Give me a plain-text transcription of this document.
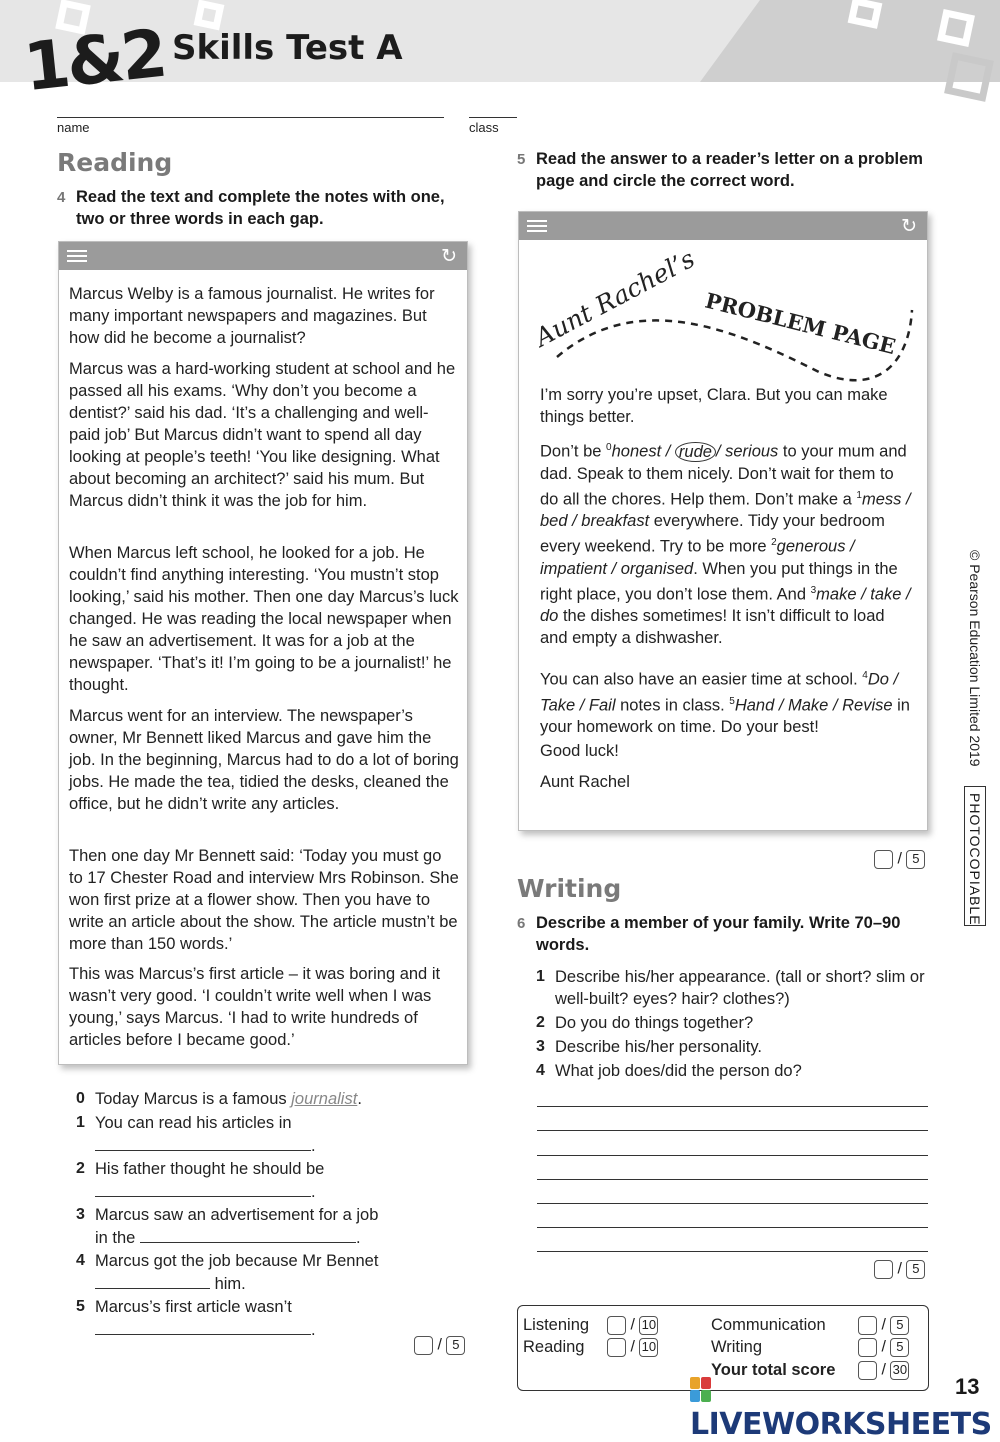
1&2 Skills Test A
name	class
Reading
4 Read the text and complete the notes with one, two or three words in each gap.
↻
Marcus Welby is a famous journalist. He writes for many important newspapers and magazines. But how did he become a journalist?
Marcus was a hard-working student at school and he passed all his exams. ‘Why don’t you become a dentist?’ said his dad. ‘It’s a challenging and well-paid job’ But Marcus didn’t want to spend all day looking at people’s teeth! ‘You like designing. What about becoming an architect?’ said his mum. But Marcus didn’t think it was the job for him.
When Marcus left school, he looked for a job. He couldn’t find anything interesting. ‘You mustn’t stop looking,’ said his mother. Then one day Marcus’s luck changed. He was reading the local newspaper when he saw an advertisement. It was for a job at the newspaper. ‘That’s it! I’m going to be a journalist!’ he thought.
Marcus went for an interview. The newspaper’s owner, Mr Bennett liked Marcus and gave him the job. In the beginning, Marcus had to do a lot of boring jobs. He made the tea, tidied the desks, cleaned the office, but he didn’t write any articles.
Then one day Mr Bennett said: ‘Today you must go to 17 Chester Road and interview Mrs Robinson. She won first prize at a flower show. Then you have to write an article about the show. The article mustn’t be more than 150 words.’
This was Marcus’s first article – it was boring and it wasn’t very good. ‘I couldn’t write well when I was young,’ says Marcus. ‘I had to write hundreds of articles before I became good.’
0 Today Marcus is a famous journalist.
1 You can read his articles in
.
2 His father thought he should be
.
3 Marcus saw an advertisement for a job
in the	.
4 Marcus got the job because Mr Bennet
him.
5 Marcus’s first article wasn’t
.
/ 5
5 Read the answer to a reader’s letter on a problem page and circle the correct word.
↻
Aunt Rachel’s PROBLEM PAGE
I’m sorry you’re upset, Clara. But you can make things better.
Don’t be $^0$honest / rude / serious to your mum and dad. Speak to them nicely. Don’t wait for them to do all the chores. Help them. Don’t make a $^1$mess / bed / breakfast everywhere. Tidy your bedroom every weekend. Try to be more $^2$generous / impatient / organised. When you put things in the right place, you don’t lose them. And $^3$make / take / do the dishes sometimes! It isn’t difficult to load and empty a dishwasher.
You can also have an easier time at school. $^4$Do / Take / Fail notes in class. $^5$Hand / Make / Revise in your homework on time. Do your best!
Good luck!
Aunt Rachel
/ 5
Writing
6 Describe a member of your family. Write 70–90 words.
1 Describe his/her appearance. (tall or short? slim or well-built? eyes? hair? clothes?)
2 Do you do things together?
3 Describe his/her personality.
4 What job does/did the person do?
/ 5
Listening	/ 10
Reading	/ 10
Communication	/ 5
Writing	/ 5
Your total score	/ 30
© Pearson Education Limited 2019
PHOTOCOPIABLE
13
LIVEWORKSHEETS
